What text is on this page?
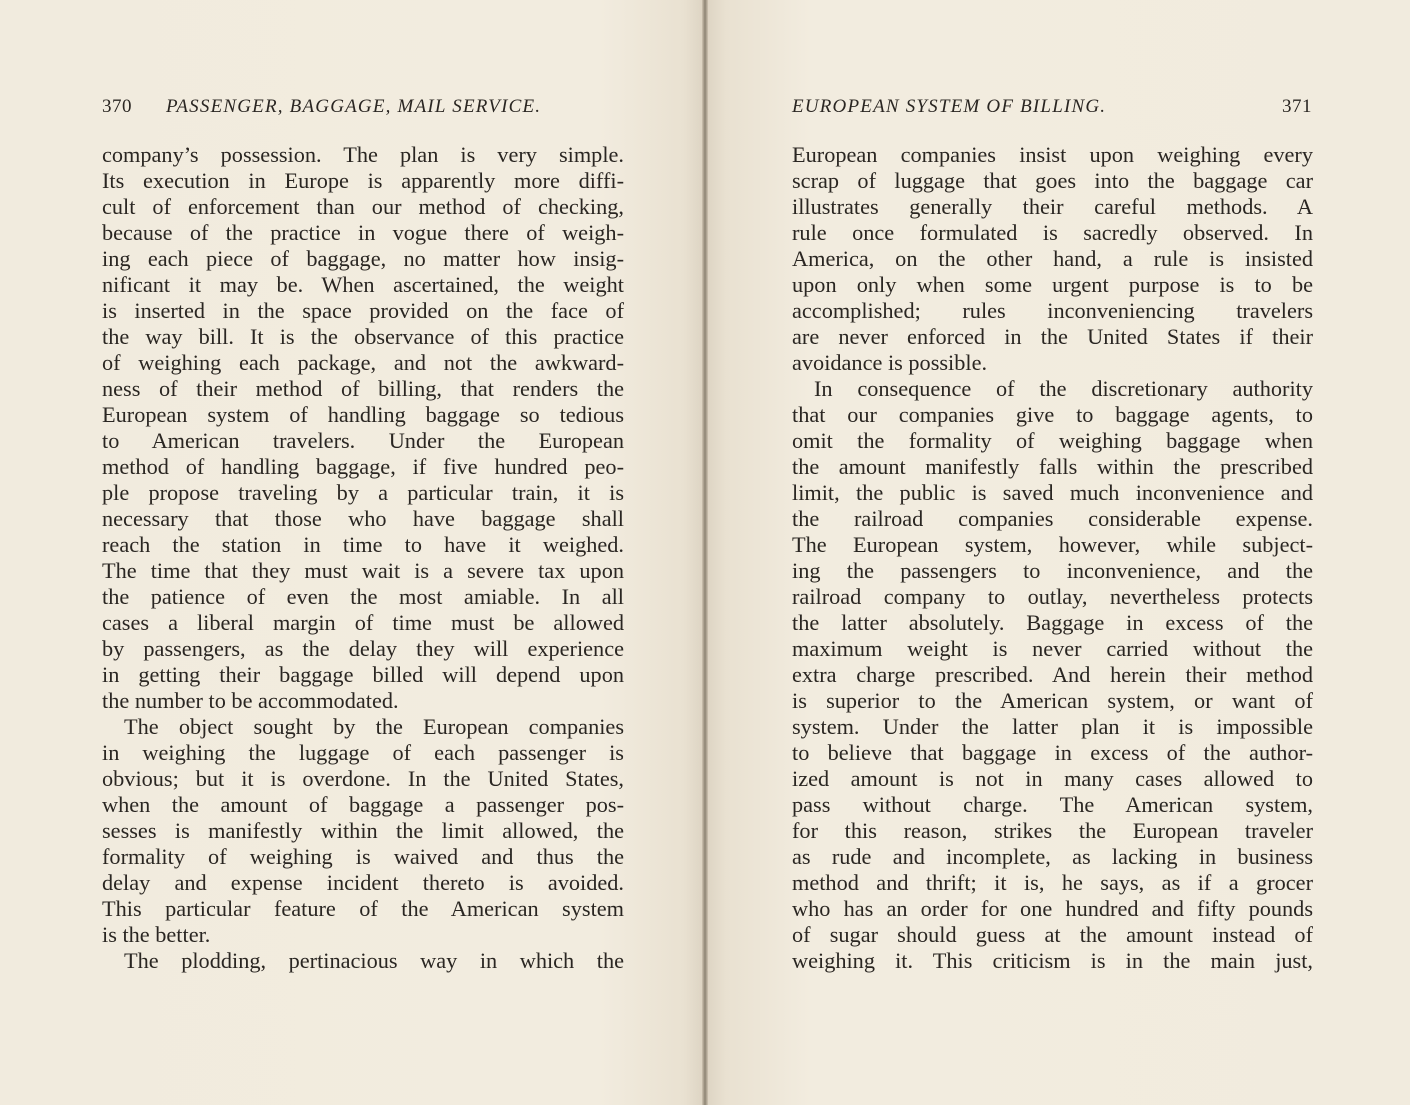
370 PASSENGER, BAGGAGE, MAIL SERVICE.
company’s possession. The plan is very simple.
Its execution in Europe is apparently more diffi-
cult of enforcement than our method of checking,
because of the practice in vogue there of weigh-
ing each piece of baggage, no matter how insig-
nificant it may be. When ascertained, the weight
is inserted in the space provided on the face of
the way bill. It is the observance of this practice
of weighing each package, and not the awkward-
ness of their method of billing, that renders the
European system of handling baggage so tedious
to American travelers. Under the European
method of handling baggage, if five hundred peo-
ple propose traveling by a particular train, it is
necessary that those who have baggage shall
reach the station in time to have it weighed.
The time that they must wait is a severe tax upon
the patience of even the most amiable. In all
cases a liberal margin of time must be allowed
by passengers, as the delay they will experience
in getting their baggage billed will depend upon
the number to be accommodated.
The object sought by the European companies
in weighing the luggage of each passenger is
obvious; but it is overdone. In the United States,
when the amount of baggage a passenger pos-
sesses is manifestly within the limit allowed, the
formality of weighing is waived and thus the
delay and expense incident thereto is avoided.
This particular feature of the American system
is the better.
The plodding, pertinacious way in which the
EUROPEAN SYSTEM OF BILLING.	371
European companies insist upon weighing every
scrap of luggage that goes into the baggage car
illustrates generally their careful methods. A
rule once formulated is sacredly observed. In
America, on the other hand, a rule is insisted
upon only when some urgent purpose is to be
accomplished; rules inconveniencing travelers
are never enforced in the United States if their
avoidance is possible.
In consequence of the discretionary authority
that our companies give to baggage agents, to
omit the formality of weighing baggage when
the amount manifestly falls within the prescribed
limit, the public is saved much inconvenience and
the railroad companies considerable expense.
The European system, however, while subject-
ing the passengers to inconvenience, and the
railroad company to outlay, nevertheless protects
the latter absolutely. Baggage in excess of the
maximum weight is never carried without the
extra charge prescribed. And herein their method
is superior to the American system, or want of
system. Under the latter plan it is impossible
to believe that baggage in excess of the author-
ized amount is not in many cases allowed to
pass without charge. The American system,
for this reason, strikes the European traveler
as rude and incomplete, as lacking in business
method and thrift; it is, he says, as if a grocer
who has an order for one hundred and fifty pounds
of sugar should guess at the amount instead of
weighing it. This criticism is in the main just,
